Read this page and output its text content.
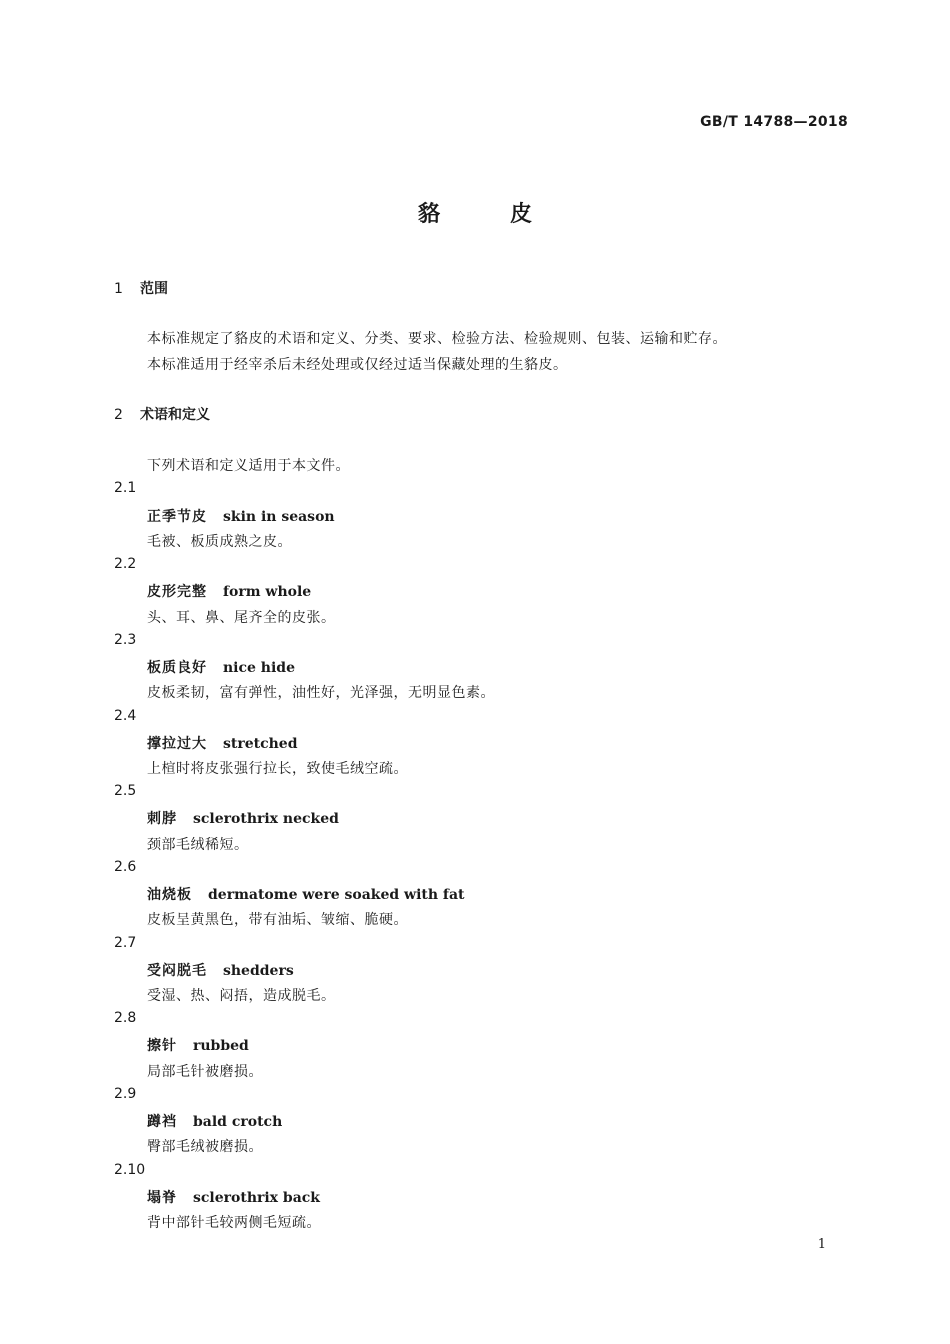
GB/T 14788—2018
貉	皮
1 范围
本标准规定了貉皮的术语和定义、分类、要求、检验方法、检验规则、包装、运输和贮存。
本标准适用于经宰杀后未经处理或仅经过适当保藏处理的生貉皮。
2 术语和定义
下列术语和定义适用于本文件。
2.1
正季节皮 skin in season
毛被、板质成熟之皮。
2.2
皮形完整 form whole
头、耳、鼻、尾齐全的皮张。
2.3
板质良好 nice hide
皮板柔韧，富有弹性，油性好，光泽强，无明显色素。
2.4
撑拉过大 stretched
上楦时将皮张强行拉长，致使毛绒空疏。
2.5
刺脖 sclerothrix necked
颈部毛绒稀短。
2.6
油烧板 dermatome were soaked with fat
皮板呈黄黑色，带有油垢、皱缩、脆硬。
2.7
受闷脱毛 shedders
受湿、热、闷捂，造成脱毛。
2.8
擦针 rubbed
局部毛针被磨损。
2.9
蹲裆 bald crotch
臀部毛绒被磨损。
2.10
塌脊 sclerothrix back
背中部针毛较两侧毛短疏。
1
